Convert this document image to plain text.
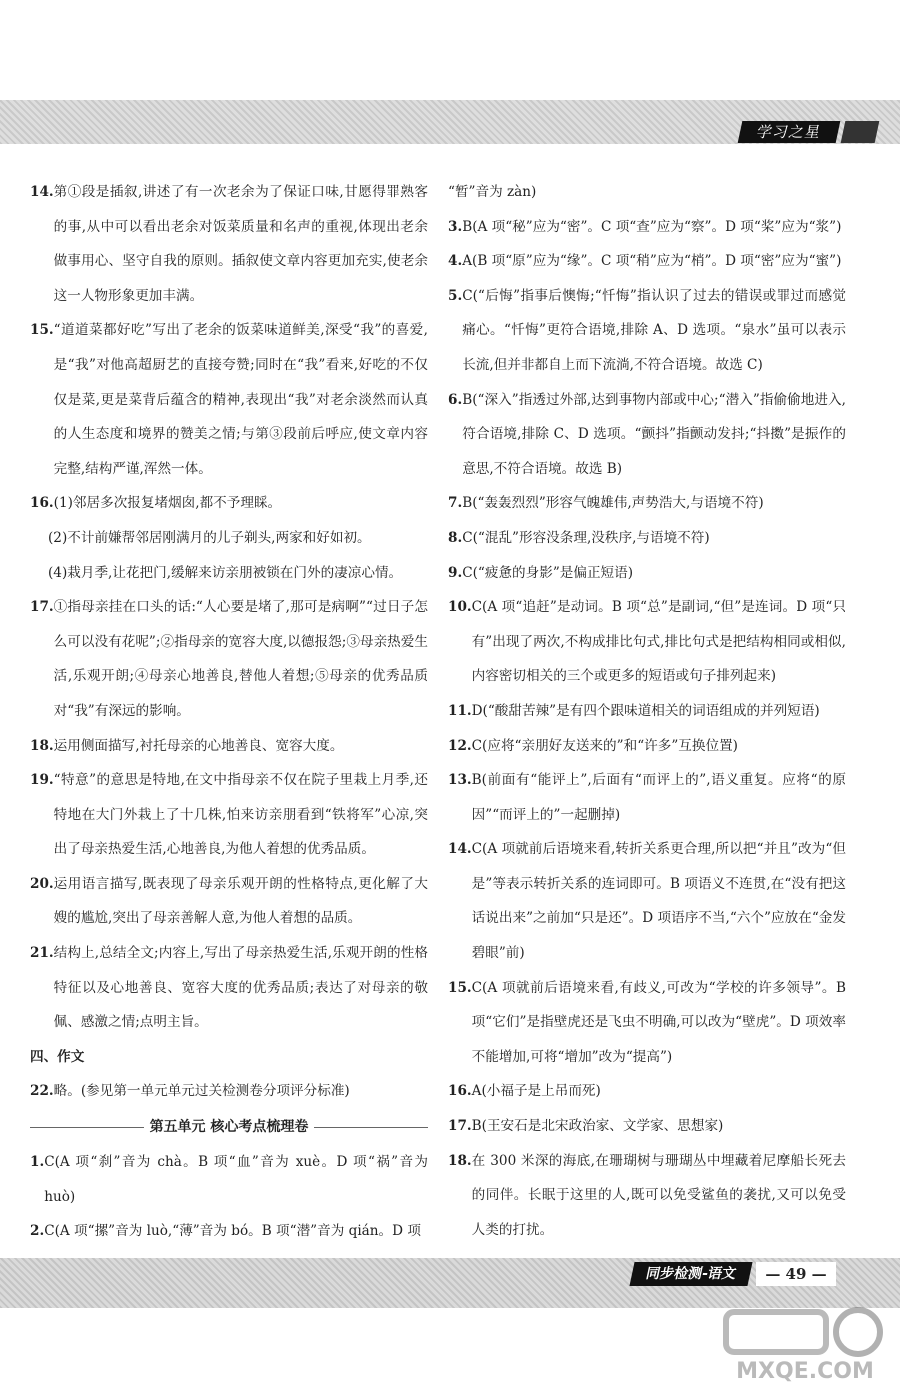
学习之星
14. 第①段是插叙,讲述了有一次老余为了保证口味,甘愿得罪熟客的事,从中可以看出老余对饭菜质量和名声的重视,体现出老余做事用心、坚守自我的原则。插叙使文章内容更加充实,使老余这一人物形象更加丰满。
15. “道道菜都好吃”写出了老余的饭菜味道鲜美,深受“我”的喜爱,是“我”对他高超厨艺的直接夸赞;同时在“我”看来,好吃的不仅仅是菜,更是菜背后蕴含的精神,表现出“我”对老余淡然而认真的人生态度和境界的赞美之情;与第③段前后呼应,使文章内容完整,结构严谨,浑然一体。
16. (1)邻居多次报复堵烟囱,都不予理睬。
(2)不计前嫌帮邻居刚满月的儿子剃头,两家和好如初。
(4)栽月季,让花把门,缓解来访亲朋被锁在门外的凄凉心情。
17. ①指母亲挂在口头的话:“人心要是堵了,那可是病啊”“过日子怎么可以没有花呢”;②指母亲的宽容大度,以德报怨;③母亲热爱生活,乐观开朗;④母亲心地善良,替他人着想;⑤母亲的优秀品质对“我”有深远的影响。
18. 运用侧面描写,衬托母亲的心地善良、宽容大度。
19. “特意”的意思是特地,在文中指母亲不仅在院子里栽上月季,还特地在大门外栽上了十几株,怕来访亲朋看到“铁将军”心凉,突出了母亲热爱生活,心地善良,为他人着想的优秀品质。
20. 运用语言描写,既表现了母亲乐观开朗的性格特点,更化解了大嫂的尴尬,突出了母亲善解人意,为他人着想的品质。
21. 结构上,总结全文;内容上,写出了母亲热爱生活,乐观开朗的性格特征以及心地善良、宽容大度的优秀品质;表达了对母亲的敬佩、感激之情;点明主旨。
四、作文
22. 略。(参见第一单元单元过关检测卷分项评分标准)
第五单元 核心考点梳理卷
1. C(A 项“刹”音为 chà。B 项“血”音为 xuè。D 项“祸”音为 huò)
2. C(A 项“摞”音为 luò,“薄”音为 bó。B 项“潜”音为 qián。D 项
“暂”音为 zàn)
3. B(A 项“秘”应为“密”。C 项“查”应为“察”。D 项“桨”应为“浆”)
4. A(B 项“原”应为“缘”。C 项“稍”应为“梢”。D 项“密”应为“蜜”)
5. C(“后悔”指事后懊悔;“忏悔”指认识了过去的错误或罪过而感觉痛心。“忏悔”更符合语境,排除 A、D 选项。“泉水”虽可以表示长流,但并非都自上而下流淌,不符合语境。故选 C)
6. B(“深入”指透过外部,达到事物内部或中心;“潜入”指偷偷地进入,符合语境,排除 C、D 选项。“颤抖”指颤动发抖;“抖擞”是振作的意思,不符合语境。故选 B)
7. B(“轰轰烈烈”形容气魄雄伟,声势浩大,与语境不符)
8. C(“混乱”形容没条理,没秩序,与语境不符)
9. C(“疲惫的身影”是偏正短语)
10. C(A 项“追赶”是动词。B 项“总”是副词,“但”是连词。D 项“只有”出现了两次,不构成排比句式,排比句式是把结构相同或相似,内容密切相关的三个或更多的短语或句子排列起来)
11. D(“酸甜苦辣”是有四个跟味道相关的词语组成的并列短语)
12. C(应将“亲朋好友送来的”和“许多”互换位置)
13. B(前面有“能评上”,后面有“而评上的”,语义重复。应将“的原因”“而评上的”一起删掉)
14. C(A 项就前后语境来看,转折关系更合理,所以把“并且”改为“但是”等表示转折关系的连词即可。B 项语义不连贯,在“没有把这话说出来”之前加“只是还”。D 项语序不当,“六个”应放在“金发碧眼”前)
15. C(A 项就前后语境来看,有歧义,可改为“学校的许多领导”。B 项“它们”是指壁虎还是飞虫不明确,可以改为“壁虎”。D 项效率不能增加,可将“增加”改为“提高”)
16. A(小福子是上吊而死)
17. B(王安石是北宋政治家、文学家、思想家)
18. 在 300 米深的海底,在珊瑚树与珊瑚丛中埋藏着尼摩船长死去的同伴。长眠于这里的人,既可以免受鲨鱼的袭扰,又可以免受人类的打扰。
同步检测-语文	— 49 —
MXQE.COM
